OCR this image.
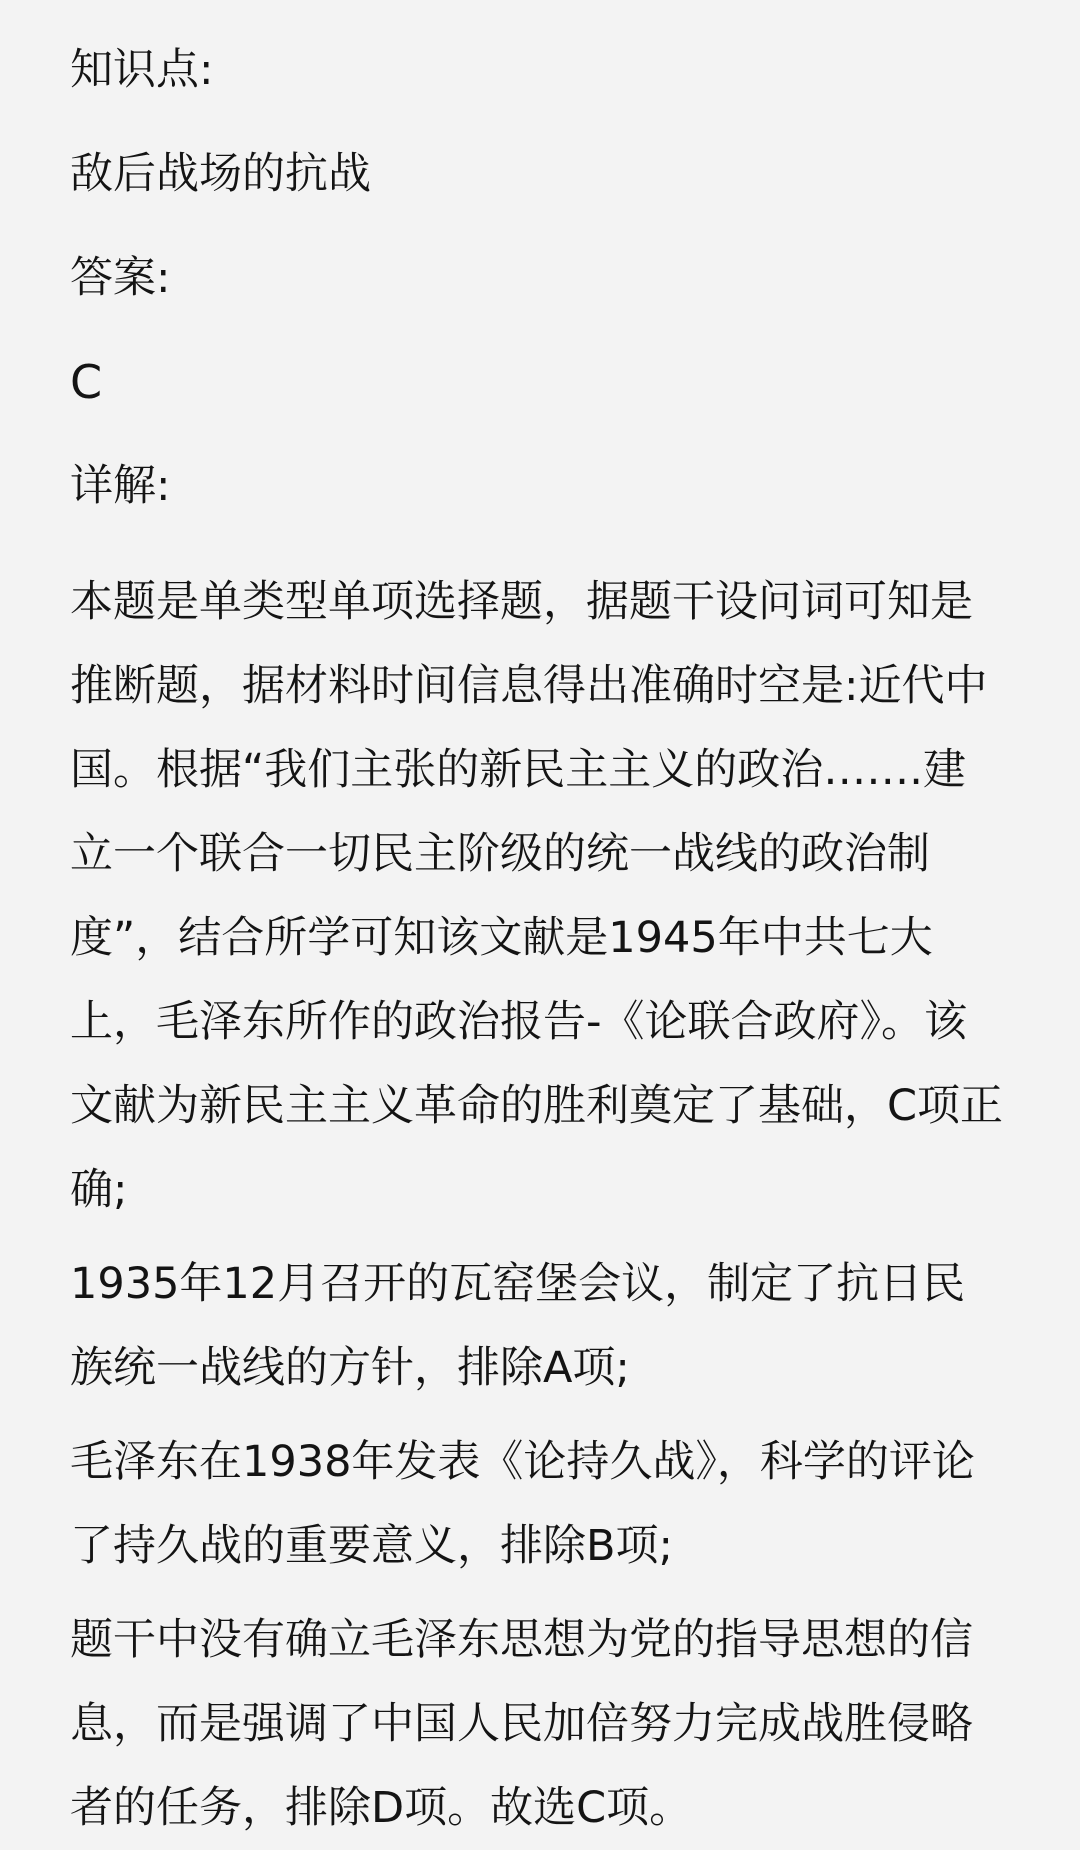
知识点:
敌后战场的抗战
答案:
C
详解:

本题是单类型单项选择题，据题干设问词可知是推断题，据材料时间信息得出准确时空是:近代中国。根据“我们主张的新民主主义的政治…….建立一个联合一切民主阶级的统一战线的政治制度”，结合所学可知该文献是1945年中共七大上，毛泽东所作的政治报告-《论联合政府》。该文献为新民主主义革命的胜利奠定了基础，C项正确;

1935年12月召开的瓦窑堡会议，制定了抗日民族统一战线的方针，排除A项;

毛泽东在1938年发表《论持久战》，科学的评论了持久战的重要意义，排除B项;

题干中没有确立毛泽东思想为党的指导思想的信息，而是强调了中国人民加倍努力完成战胜侵略者的任务，排除D项。故选C项。
